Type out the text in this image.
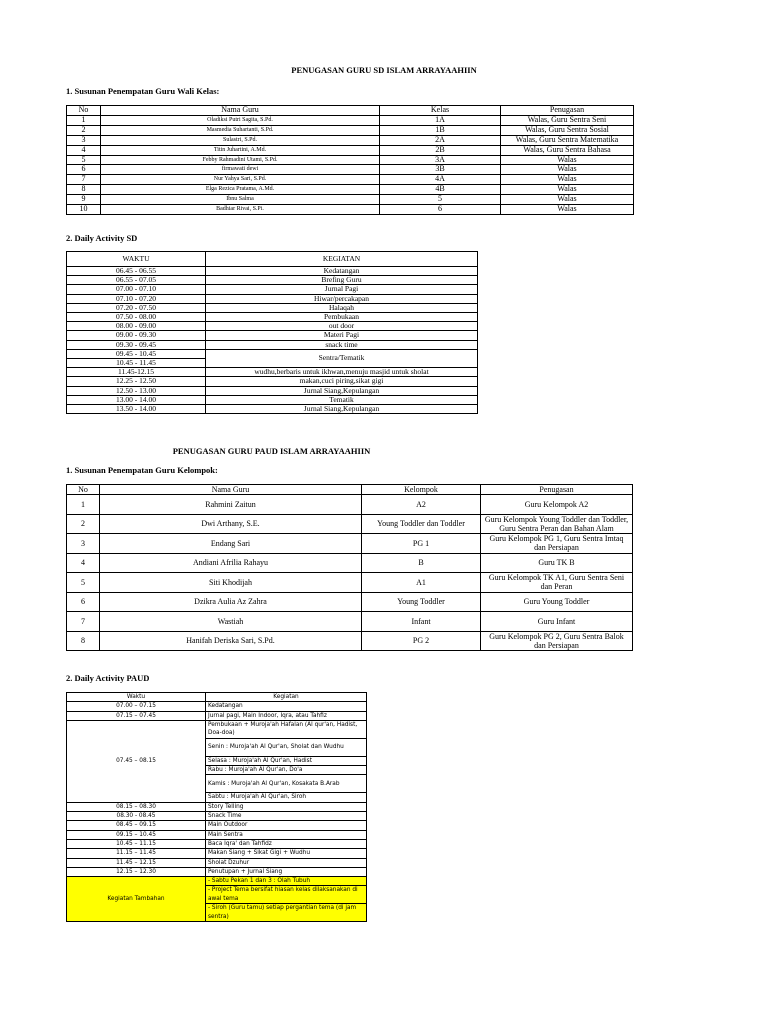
PENUGASAN GURU SD ISLAM ARRAYAAHIIN
1. Susunan Penempatan Guru Wali Kelas:
No	Nama Guru	Kelas	Penugasan
1	Oladiksi Putri Sagita, S.Pd.	1A	Walas, Guru Sentra Seni
2	Masmedia Suhartanti, S.Pd.	1B	Walas, Guru Sentra Sosial
3	Sulastri, S.Pd.	2A	Walas, Guru Sentra Matematika
4	Titin Juhartini, A.Md.	2B	Walas, Guru Sentra Bahasa
5	Febby Rahmadini Utami, S.Pd.	3A	Walas
6	firmawati dewi	3B	Walas
7	Nur Yahya Sari, S.Pd.	4A	Walas
8	Elga Rezica Pratama, A.Md.	4B	Walas
9	Ibnu Salma	5	Walas
10	Badhiar Rivai, S.Pi.	6	Walas
2. Daily Activity SD
WAKTU	KEGIATAN
06.45 - 06.55	Kedatangan
06.55 - 07.05	Brefing Guru
07.00 - 07.10	Jurnal Pagi
07.10 - 07.20	Hiwar/percakapan
07.20 - 07.50	Halaqah
07.50 - 08.00	Pembukaan
08.00 - 09.00	out door
09.00 - 09.30	Materi Pagi
09.30 - 09.45	snack time
09.45 - 10.45	Sentra/Tematik
10.45 - 11.45	
11.45-12.15	wudhu,berbaris untuk ikhwan,menuju masjid untuk sholat
12.25 - 12.50	makan,cuci piring,sikat gigi
12.50 - 13.00	Jurnal Siang,Kepulangan
13.00 - 14.00	Tematik
13.50 - 14.00	Jurnal Siang,Kepulangan
PENUGASAN GURU PAUD ISLAM ARRAYAAHIIN
1. Susunan Penempatan Guru Kelompok:
No	Nama Guru	Kelompok	Penugasan
1	Rahmini Zaitun	A2	Guru Kelompok A2
2	Dwi Arthany, S.E.	Young Toddler dan Toddler	Guru Kelompok Young Toddler dan Toddler, Guru Sentra Peran dan Bahan Alam
3	Endang Sari	PG 1	Guru Kelompok PG 1, Guru Sentra Imtaq dan Persiapan
4	Andiani Afrilia Rahayu	B	Guru TK B
5	Siti Khodijah	A1	Guru Kelompok TK A1, Guru Sentra Seni dan Peran
6	Dzikra Aulia Az Zahra	Young Toddler	Guru Young Toddler
7	Wastiah	Infant	Guru Infant
8	Hanifah Deriska Sari, S.Pd.	PG 2	Guru Kelompok PG 2, Guru Sentra Balok dan Persiapan
2. Daily Activity PAUD
Waktu	Kegiatan
07.00 – 07.15	Kedatangan
07.15 – 07.45	Jurnal pagi, Main Indoor, Iqra, atau Tahfiz
07.45 – 08.15	Pembukaan + Muroja'ah Hafalan (Al qur'an, Hadist, Doa-doa)
	Senin : Muroja'ah Al Qur'an, Sholat dan Wudhu
	Selasa : Muroja'ah Al Qur'an, Hadist
	Rabu : Muroja'ah Al Qur'an, Do'a
	Kamis : Muroja'ah Al Qur'an, Kosakata B.Arab
	Sabtu : Muroja'ah Al Qur'an, Siroh
08.15 – 08.30	Story Telling
08.30 - 08.45	Snack Time
08.45 – 09.15	Main Outdoor
09.15 – 10.45	Main Sentra
10.45 – 11.15	Baca Iqra' dan Tahfidz
11.15 – 11.45	Makan Siang + Sikat Gigi + Wudhu
11.45 – 12.15	Sholat Dzuhur
12.15 – 12.30	Penutupan + Jurnal Siang
Kegiatan Tambahan	- Sabtu Pekan 1 dan 3 : Olah Tubuh
	- Project Tema bersifat hiasan kelas dilaksanakan di awal tema
	- Siroh (Guru tamu) setiap pergantian tema (di jam sentra)
